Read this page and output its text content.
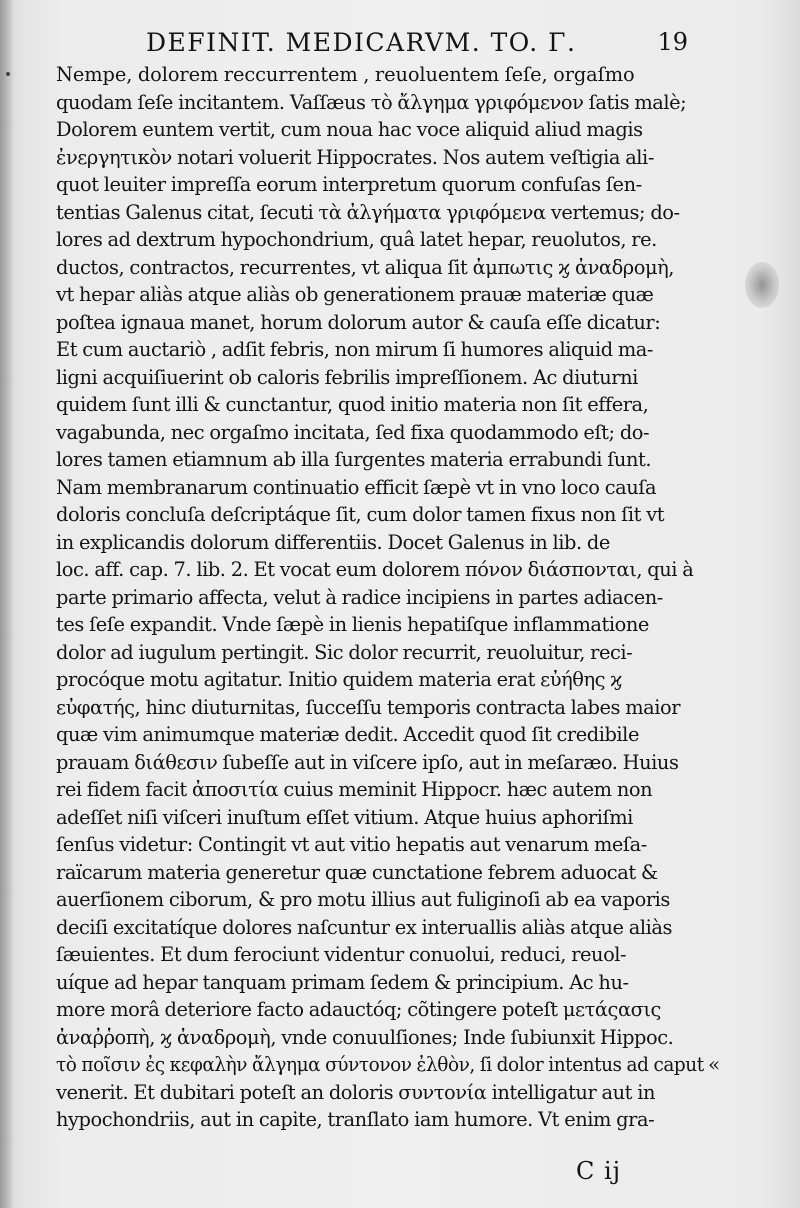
DEFINIT. MEDICARVM. TO. Γ.	19
Nempe, dolorem reccurrentem , reuoluentem ſeſe, orgaſmo
quodam ſeſe incitantem. Vaſſæus τὸ ἄλγημα γριφόμενον ſatis malè;
Dolorem euntem vertit, cum noua hac voce aliquid aliud magis
ἐνεργητικὸν notari voluerit Hippocrates. Nos autem veſtigia ali-
quot leuiter impreſſa eorum interpretum quorum confuſas ſen-
tentias Galenus citat, ſecuti τὰ ἀλγήματα γριφόμενα vertemus; do-
lores ad dextrum hypochondrium, quâ latet hepar, reuolutos, re.
ductos, contractos, recurrentes, vt aliqua ſit ἀμπωτις ϗ ἀναδρομὴ,
vt hepar aliàs atque aliàs ob generationem prauæ materiæ quæ
poſtea ignaua manet, horum dolorum autor & cauſa eſſe dicatur:
Et cum auctariò , adſit febris, non mirum ſi humores aliquid ma-
ligni acquiſiuerint ob caloris febrilis impreſſionem. Ac diuturni
quidem ſunt illi & cunctantur, quod initio materia non ſit effera,
vagabunda, nec orgaſmo incitata, ſed fixa quodammodo eſt; do-
lores tamen etiamnum ab illa ſurgentes materia errabundi ſunt.
Nam membranarum continuatio efficit ſæpè vt in vno loco cauſa
doloris concluſa deſcriptáque ſit, cum dolor tamen fixus non ſit vt
in explicandis dolorum differentiis. Docet Galenus in lib. de
loc. aff. cap. 7. lib. 2. Et vocat eum dolorem πόνον διάσπονται, qui à
parte primario affecta, velut à radice incipiens in partes adiacen-
tes ſeſe expandit. Vnde ſæpè in lienis hepatiſque inflammatione
dolor ad iugulum pertingit. Sic dolor recurrit, reuoluitur, reci-
procóque motu agitatur. Initio quidem materia erat εὐήθης ϗ
εὐφατής, hinc diuturnitas, ſucceſſu temporis contracta labes maior
quæ vim animumque materiæ dedit. Accedit quod ſit credibile
prauam διάθεσιν ſubeſſe aut in viſcere ipſo, aut in meſaræo. Huius
rei fidem facit ἀποσιτία cuius meminit Hippocr. hæc autem non
adeſſet niſi viſceri inuſtum eſſet vitium. Atque huius aphoriſmi
ſenſus videtur: Contingit vt aut vitio hepatis aut venarum meſa-
raïcarum materia generetur quæ cunctatione febrem aduocat &
auerſionem ciborum, & pro motu illius aut fuliginoſi ab ea vaporis
deciſi excitatíque dolores naſcuntur ex interuallis aliàs atque aliàs
ſæuientes. Et dum ferociunt videntur conuolui, reduci, reuol-
uíque ad hepar tanquam primam ſedem & principium. Ac hu-
more morâ deteriore facto adauctóq; cõtingere poteſt μετάςασις
ἀναῤῥοπὴ, ϗ ἀναδρομὴ, vnde conuulſiones; Inde ſubiunxit Hippoc.
τὸ ποῖσιν ἐς κεφαλὴν ἄλγημα σύντονον ἐλθὸν, ſi dolor intentus ad caput
venerit. Et dubitari poteſt an doloris συντονία intelligatur aut in
hypochondriis, aut in capite, tranſlato iam humore. Vt enim gra-
«
C ij
